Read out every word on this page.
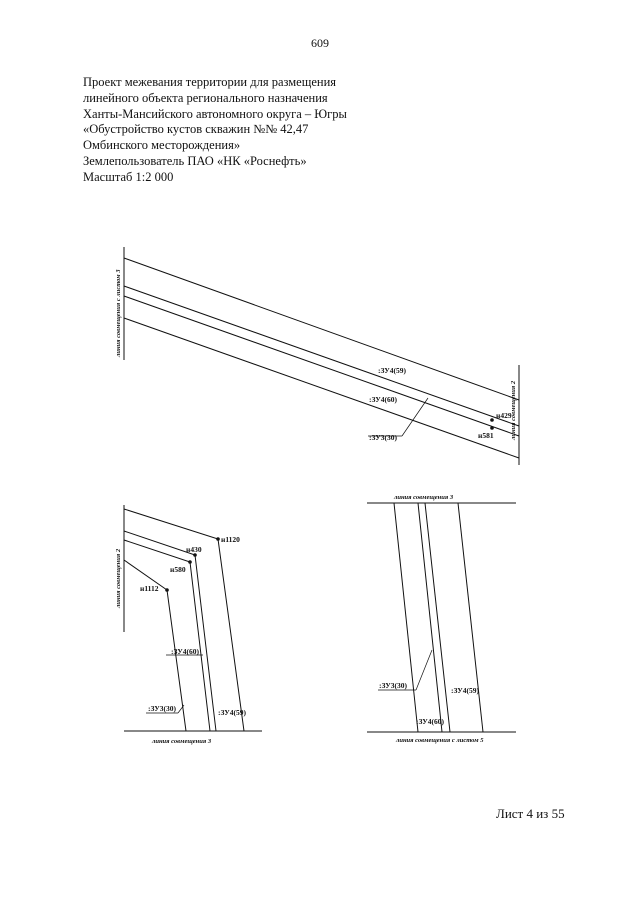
609
Проект межевания территории для размещения
линейного объекта регионального назначения
Ханты-Мансийского автономного округа – Югры
«Обустройство кустов скважин №№ 42,47
Омбинского месторождения»
Землепользователь ПАО «НК «Роснефть»
Масштаб 1:2 000
:ЗУ4(59)
:ЗУ4(60)
:ЗУ3(30)
н429
н581
линия совмещения с листом 3
линия совмещения 2
н1120
н430
н580
н1112
:ЗУ4(60)
:ЗУ3(30)	:ЗУ4(59)
линия совмещения 2
линия совмещения 3
:ЗУ3(30)
:ЗУ4(59)
:ЗУ4(60)
линия совмещения 3
линия совмещения с листом 5
Лист 4 из 55
